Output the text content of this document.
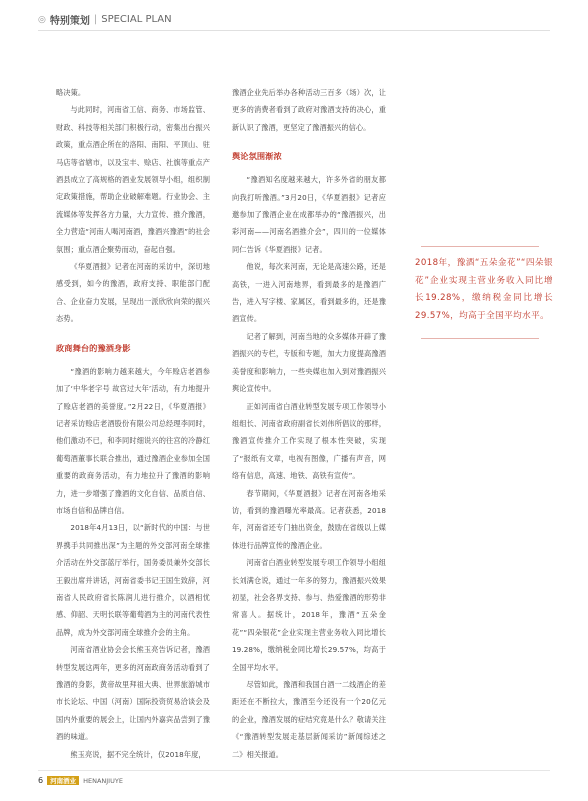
◎ 特别策划 | SPECIAL PLAN

略决策。

与此同时，河南省工信、商务、市场监管、财政、科技等相关部门积极行动，密集出台振兴政策，重点酒企所在的洛阳、南阳、平顶山、驻马店等省辖市，以及宝丰、赊店、社旗等重点产酒县成立了高规格的酒业发展领导小组，组织制定政策措施，帮助企业破解难题。行业协会、主流媒体等发挥各方力量，大力宣传、推介豫酒，全力营造“河南人喝河南酒，豫酒兴豫酒”的社会氛围；重点酒企聚势而动，奋起自强。

《华夏酒报》记者在河南的采访中，深切地感受到，如今的豫酒，政府支持、职能部门配合、企业奋力发展，呈现出一派欣欣向荣的振兴态势。

政商舞台的豫酒身影

“豫酒的影响力越来越大，今年赊店老酒参加了‘中华老字号 故宫过大年’活动，有力地提升了赊店老酒的美誉度。”2月22日，《华夏酒报》记者采访赊店老酒股份有限公司总经理李同时，他们激动不已，和李同时细说兴的往宫的冷静红葡萄酒董事长联合推出，通过豫酒企业参加全国重要的政商务活动，有力地拉升了豫酒的影响力，进一步增强了豫酒的文化自信、品质自信、市场自信和品牌自信。

2018年4月13日，以“新时代的中国：与世界携手共同推出深”为主题的外交部河南全球推介活动在外交部蓝厅举行，国务委员兼外交部长王毅出席并讲话，河南省委书记王国生致辞，河南省人民政府省长陈润儿进行推介，以酒相忧感、仰韶、天明长联等葡萄酒为主的河南代表性品牌，成为外交部河南全球推介会的主角。

河南省酒业协会会长熊玉亮告诉记者，豫酒转型发展这两年，更多的河南政商务活动看到了豫酒的身影，黄帝故里拜祖大典、世界旅游城市市长论坛、中国（河南）国际投资贸易洽谈会及国内外重要的展会上，让国内外嘉宾品尝到了豫酒的味道。

熊玉亮说，据不完全统计，仅2018年度，

豫酒企业先后举办各种活动三百多（场）次，让更多的消费者看到了政府对豫酒支持的决心，重新认识了豫酒，更坚定了豫酒振兴的信心。

舆论氛围渐浓

“豫酒知名度越来越大，许多外省的朋友都向我打听豫酒。”3月20日，《华夏酒报》记者应邀参加了豫酒企业在成都举办的“豫酒振兴，出彩河南——河南名酒推介会”，四川的一位媒体同仁告诉《华夏酒报》记者。

他说，每次来河南，无论是高速公路，还是高铁，一进入河南地界，看到最多的是豫酒广告，进入写字楼、家属区，看到最多的，还是豫酒宣传。

记者了解到，河南当地的众多媒体开辟了豫酒振兴的专栏，专版和专题，加大力度提高豫酒美誉度和影响力，一些央媒也加入到对豫酒振兴舆论宣传中。

正如河南省白酒业转型发展专项工作领导小组组长、河南省政府副省长刘伟所倡议的那样，豫酒宣传推介工作实现了根本性突破，实现了“报纸有文章，电视有图像，广播有声音，网络有信息，高速、地铁、高铁有宣传”。

春节期间，《华夏酒报》记者在河南各地采访，看到的豫酒曝光率最高。记者获悉，2018年，河南省还专门抽出资金，鼓励在省级以上媒体进行品牌宣传的豫酒企业。

河南省白酒业转型发展专项工作领导小组组长刘满仓说，通过一年多的努力，豫酒振兴效果初显，社会各界支持、参与、热爱豫酒的形势非常喜人。据统计，2018年，豫酒“五朵金花”“四朵银花”企业实现主营业务收入同比增长19.28%，缴纳税金同比增长29.57%，均高于全国平均水平。

尽管如此，豫酒和我国白酒一二线酒企的差距还在不断拉大，豫酒至今还没有一个20亿元的企业，豫酒发展的症结究竟是什么？敬请关注《“豫酒转型发展走基层新闻采访”新闻综述之二》相关报道。

2018年，豫酒“五朵金花”“四朵银花”企业实现主营业务收入同比增长19.28%，缴纳税金同比增长29.57%，均高于全国平均水平。
6	河南酒业	HENANJIUYE
